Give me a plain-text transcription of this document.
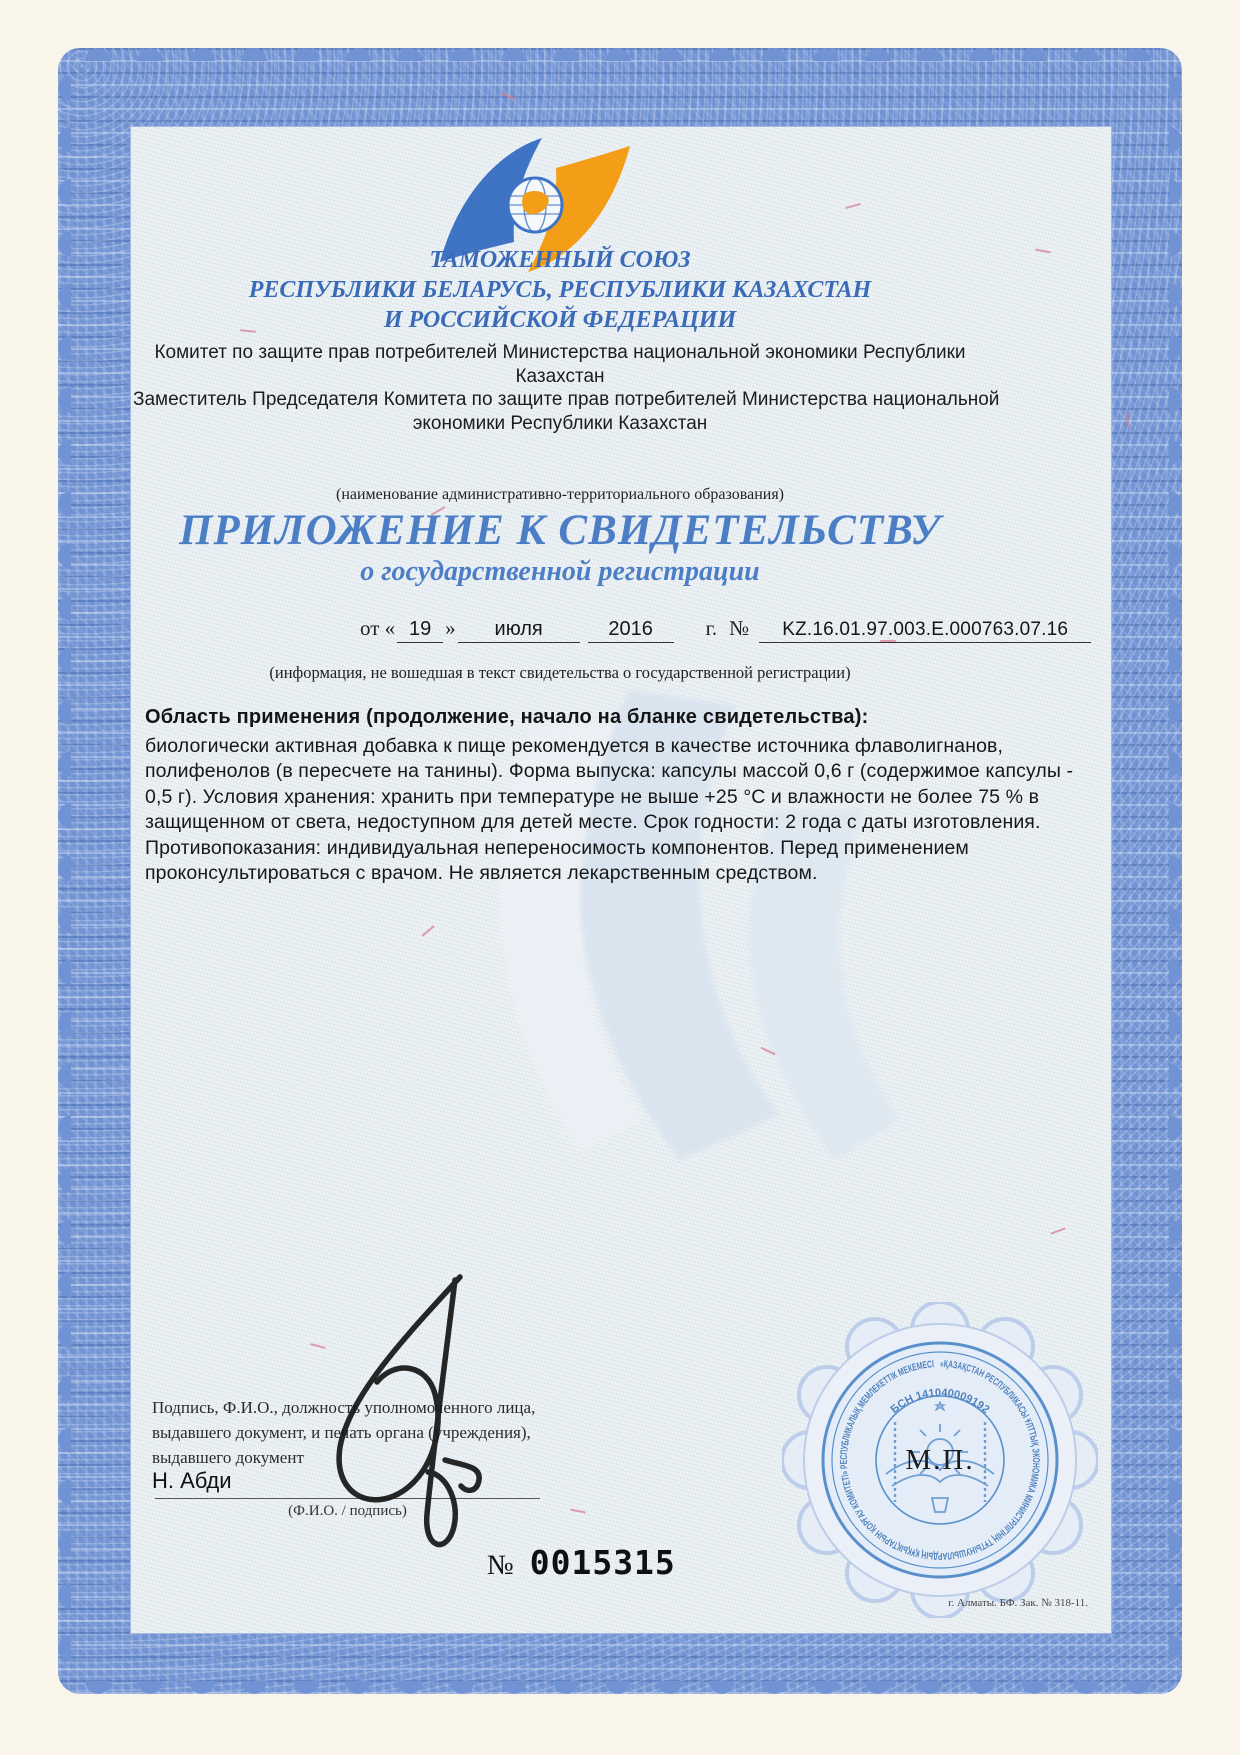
ТАМОЖЕННЫЙ СОЮЗ
РЕСПУБЛИКИ БЕЛАРУСЬ, РЕСПУБЛИКИ КАЗАХСТАН
И РОССИЙСКОЙ ФЕДЕРАЦИИ
Комитет по защите прав потребителей Министерства национальной экономики Республики
Казахстан
Заместитель Председателя Комитета по защите прав потребителей Министерства национальной
экономики Республики Казахстан
(наименование административно-территориального образования)
ПРИЛОЖЕНИЕ К СВИДЕТЕЛЬСТВУ
о государственной регистрации
(информация, не вошедшая в текст свидетельства о государственной регистрации)
от « 19 »	июля	2016	г. №	KZ.16.01.97.003.Е.000763.07.16
Область применения (продолжение, начало на бланке свидетельства):
биологически активная добавка к пище рекомендуется в качестве источника флаволигнанов, полифенолов (в пересчете на танины). Форма выпуска: капсулы массой 0,6 г (содержимое капсулы - 0,5 г). Условия хранения: хранить при температуре не выше +25 °С и влажности не более 75 % в защищенном от света, недоступном для детей месте. Срок годности: 2 года с даты изготовления. Противопоказания: индивидуальная непереносимость компонентов. Перед применением проконсультироваться с врачом. Не является лекарственным средством.
Подпись, Ф.И.О., должность уполномоченного лица,
выдавшего документ, и печать органа (учреждения),
выдавшего документ
Н. Абди
(Ф.И.О. / подпись)
«ҚАЗАҚСТАН РЕСПУБЛИКАСЫ ҰЛТТЫҚ ЭКОНОМИКА МИНИСТРЛІГІНІҢ ТҰТЫНУШЫЛАРДЫҢ ҚҰҚЫҚТАРЫН ҚОРҒАУ КОМИТЕТІ» РЕСПУБЛИКАЛЫҚ МЕМЛЕКЕТТІК МЕКЕМЕСІ
БСН 141040009192
М.П.
№ 0015315
г. Алматы. БФ. Зак. № 318-11.
